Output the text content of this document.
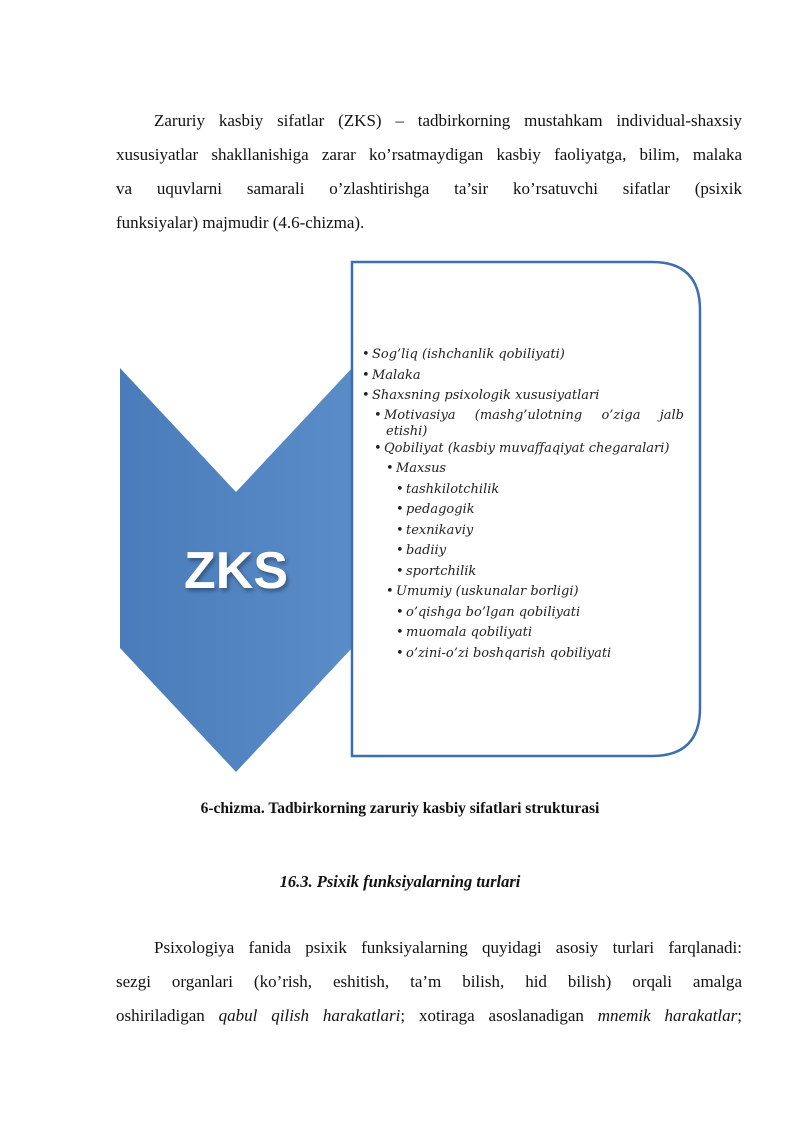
Zaruriy kasbiy sifatlar (ZKS) – tadbirkorning mustahkam individual-shaxsiy
xususiyatlar shakllanishiga zarar ko’rsatmaydigan kasbiy faoliyatga, bilim, malaka
va uquvlarni samarali o’zlashtirishga ta’sir ko’rsatuvchi sifatlar (psixik
funksiyalar) majmudir (4.6-chizma).
ZKS
• Sog’liq (ishchanlik qobiliyati)
• Malaka
• Shaxsning psixologik xususiyatlari
• Motivasiya (mashg’ulotning o’ziga jalb
etishi)
• Qobiliyat (kasbiy muvaffaqiyat chegaralari)
• Maxsus
• tashkilotchilik
• pedagogik
• texnikaviy
• badiiy
• sportchilik
• Umumiy (uskunalar borligi)
• o’qishga bo’lgan qobiliyati
• muomala qobiliyati
• o’zini-o’zi boshqarish qobiliyati
6-chizma. Tadbirkorning zaruriy kasbiy sifatlari strukturasi
16.3. Psixik funksiyalarning turlari
Psixologiya fanida psixik funksiyalarning quyidagi asosiy turlari farqlanadi:
sezgi organlari (ko’rish, eshitish, ta’m bilish, hid bilish) orqali amalga
oshiriladigan qabul qilish harakatlari; xotiraga asoslanadigan mnemik harakatlar;
